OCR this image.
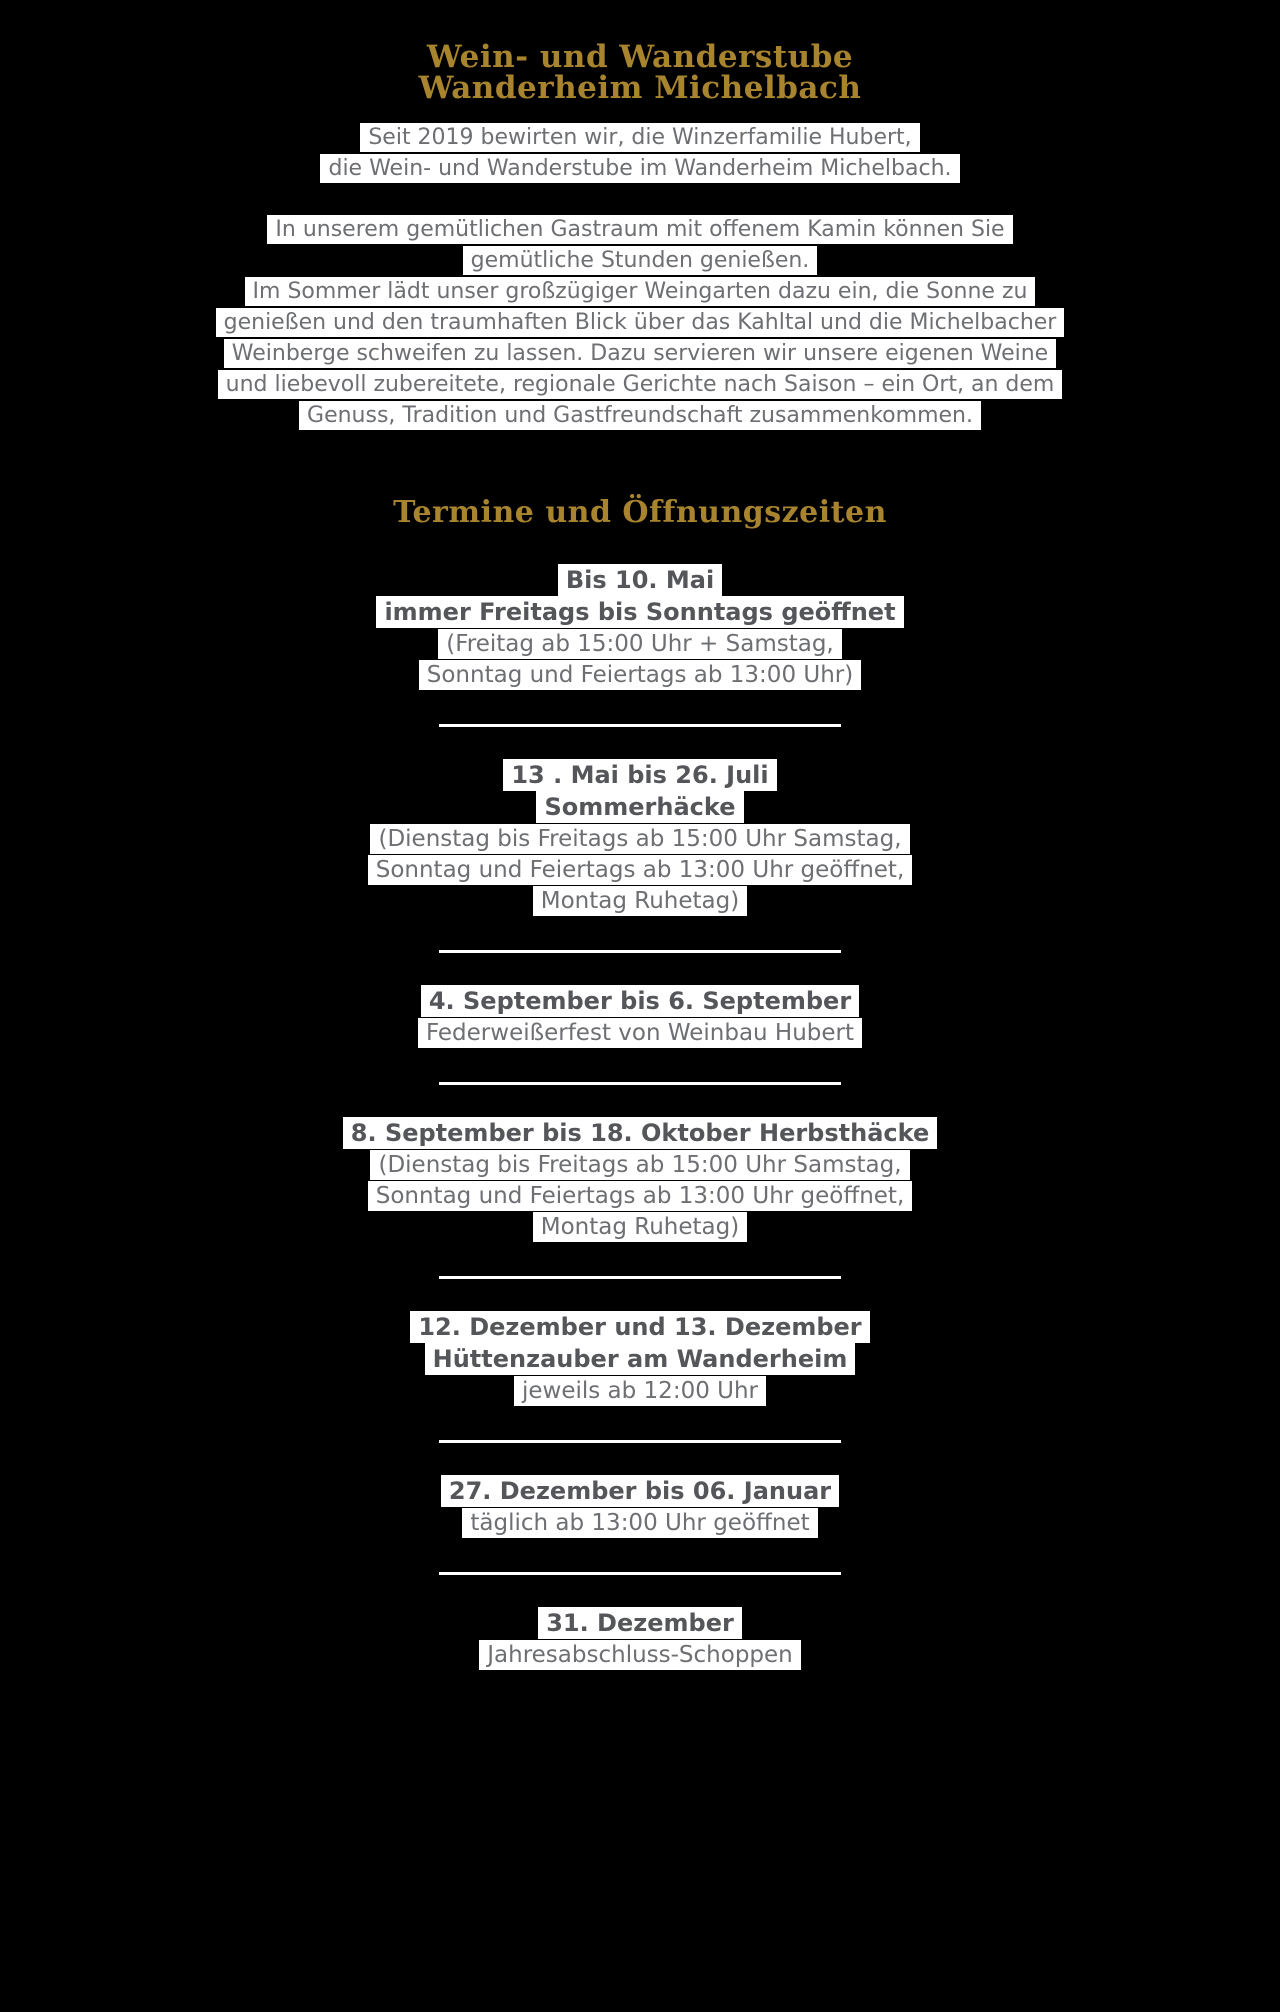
Wein- und Wanderstube
Wanderheim Michelbach
Seit 2019 bewirten wir, die Winzerfamilie Hubert,
die Wein- und Wanderstube im Wanderheim Michelbach.
In unserem gemütlichen Gastraum mit offenem Kamin können Sie
gemütliche Stunden genießen.
Im Sommer lädt unser großzügiger Weingarten dazu ein, die Sonne zu
genießen und den traumhaften Blick über das Kahltal und die Michelbacher
Weinberge schweifen zu lassen. Dazu servieren wir unsere eigenen Weine
und liebevoll zubereitete, regionale Gerichte nach Saison – ein Ort, an dem
Genuss, Tradition und Gastfreundschaft zusammenkommen.
Termine und Öffnungszeiten
Bis 10. Mai
immer Freitags bis Sonntags geöffnet
(Freitag ab 15:00 Uhr + Samstag,
Sonntag und Feiertags ab 13:00 Uhr)
13 . Mai bis 26. Juli
Sommerhäcke
(Dienstag bis Freitags ab 15:00 Uhr Samstag,
Sonntag und Feiertags ab 13:00 Uhr geöffnet,
Montag Ruhetag)
4. September bis 6. September
Federweißerfest von Weinbau Hubert
8. September bis 18. Oktober Herbsthäcke
(Dienstag bis Freitags ab 15:00 Uhr Samstag,
Sonntag und Feiertags ab 13:00 Uhr geöffnet,
Montag Ruhetag)
12. Dezember und 13. Dezember
Hüttenzauber am Wanderheim
jeweils ab 12:00 Uhr
27. Dezember bis 06. Januar
täglich ab 13:00 Uhr geöffnet
31. Dezember
Jahresabschluss-Schoppen
